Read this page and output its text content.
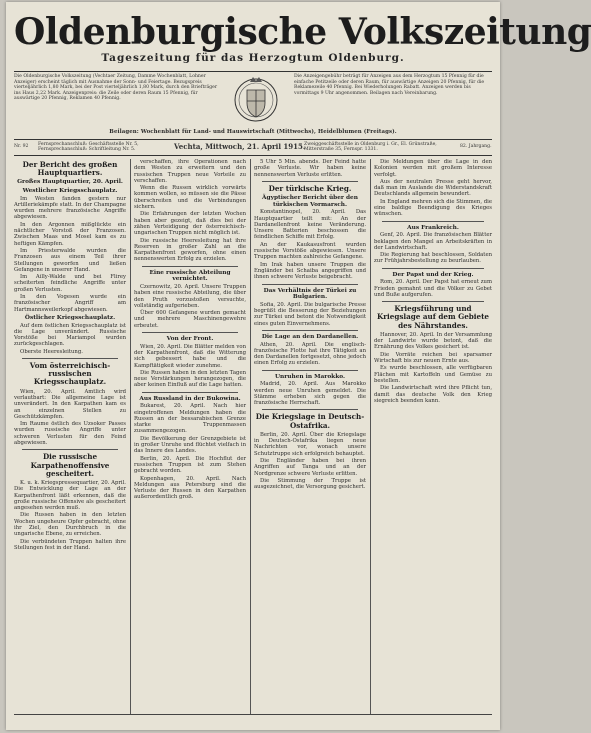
Oldenburgische Volkszeitung
Tageszeitung für das Herzogtum Oldenburg.
Die Oldenburgische Volkszeitung (Vechtaer Zeitung, Damme Wochenblatt, Lohner Anzeiger) erscheint täglich mit Ausnahme der Sonn- und Feiertage. Bezugspreis vierteljährlich 1,80 Mark, bei der Post vierteljährlich 1,80 Mark, durch den Briefträger ins Haus 2,22 Mark. Anzeigenpreis: die Zeile oder deren Raum 15 Pfennig, für auswärtige 20 Pfennig, Reklamen 40 Pfennig.
Die Anzeigengebühr beträgt für Anzeigen aus dem Herzogtum 15 Pfennig für die einfache Petitzeile oder deren Raum, für auswärtige Anzeigen 20 Pfennig, für die Reklamezeile 40 Pfennig. Bei Wiederholungen Rabatt. Anzeigen werden bis vormittags 9 Uhr angenommen. Beilagen nach Vereinbarung.
Beilagen: Wochenblatt für Land- und Hauswirtschaft (Mittwochs), Heidelblumen (Freitags).
Nr. 92 Fernsprechanschluß: Geschäftsstelle Nr. 5, Fernsprechanschluß: Schriftleitung Nr. 5.	Vechta, Mittwoch, 21. April 1915.
Zweiggeschäftsstelle in Oldenburg i. Gr., El. Grünstraße, Mitterstraße 35, Fernspr. 1331.
82. Jahrgang.
Der Bericht des großen Hauptquartiers.
Großes Hauptquartier, 20. April.
Westlicher Kriegsschauplatz.

Im Westen fanden gestern nur Artilleriekämpfe statt. In der Champagne wurden mehrere französische Angriffe abgewiesen.

In den Argonnen mißglückte ein nächtlicher Vorstoß der Franzosen. Zwischen Maas und Mosel kam es zu heftigen Kämpfen.

Im Priesterwalde wurden die Franzosen aus einem Teil ihrer Stellungen geworfen und ließen Gefangene in unserer Hand.

Im Ailly-Walde und bei Flirey scheiterten feindliche Angriffe unter großen Verlusten.

In den Vogesen wurde ein französischer Angriff am Hartmannsweilerkopf abgewiesen.

Östlicher Kriegsschauplatz.

Auf dem östlichen Kriegsschauplatz ist die Lage unverändert. Russische Vorstöße bei Mariampol wurden zurückgeschlagen.

Oberste Heeresleitung.

Vom österreichisch-russischen Kriegsschauplatz.

Wien, 20. April. Amtlich wird verlautbart: Die allgemeine Lage ist unverändert. In den Karpathen kam es an einzelnen Stellen zu Geschützkämpfen.

Im Raume östlich des Uzsoker Passes wurden russische Angriffe unter schweren Verlusten für den Feind abgewiesen.

Die russische Karpathenoffensive gescheitert.

K. u. k. Kriegspressequartier, 20. April. Die Entwicklung der Lage an der Karpathenfront läßt erkennen, daß die große russische Offensive als gescheitert angesehen werden muß.

Die Russen haben in den letzten Wochen ungeheure Opfer gebracht, ohne ihr Ziel, den Durchbruch in die ungarische Ebene, zu erreichen.

Die verbündeten Truppen halten ihre Stellungen fest in der Hand.

verschaffen, ihre Operationen nach dem Westen zu erweitern und den russischen Truppen neue Vorteile zu verschaffen.

Wenn die Russen wirklich vorwärts kommen wollen, so müssen sie die Pässe überschreiten und die Verbindungen sichern.

Die Erfahrungen der letzten Wochen haben aber gezeigt, daß dies bei der zähen Verteidigung der österreichisch-ungarischen Truppen nicht möglich ist.

Die russische Heeresleitung hat ihre Reserven in großer Zahl an die Karpathenfront geworfen, ohne einen nennenswerten Erfolg zu erzielen.

Eine russische Abteilung vernichtet.

Czernowitz, 20. April. Unsere Truppen haben eine russische Abteilung, die über den Pruth vorzustoßen versuchte, vollständig aufgerieben.

Über 600 Gefangene wurden gemacht und mehrere Maschinengewehre erbeutet.

Von der Front.

Wien, 20. April. Die Blätter melden von der Karpathenfront, daß die Witterung sich gebessert habe und die Kampftätigkeit wieder zunehme.

Die Russen haben in den letzten Tagen neue Verstärkungen herangezogen, die aber keinen Einfluß auf die Lage hatten.

Aus Russland in der Bukowina.

Bukarest, 20. April. Nach hier eingetroffenen Meldungen haben die Russen an der bessarabischen Grenze starke Truppenmassen zusammengezogen.

Die Bevölkerung der Grenzgebiete ist in großer Unruhe und flüchtet vielfach in das Innere des Landes.

Berlin, 20. April. Die Hochflut der russischen Truppen ist zum Stehen gebracht worden.

Kopenhagen, 20. April. Nach Meldungen aus Petersburg sind die Verluste der Russen in den Karpathen außerordentlich groß.

5 Uhr 5 Min. abends. Der Feind hatte große Verluste. Wir haben keine nennenswerten Verluste erlitten.

Der türkische Krieg.
Ägyptischer Bericht über den türkischen Vormarsch.

Konstantinopel, 20. April. Das Hauptquartier teilt mit: An der Dardanellenfront keine Veränderung. Unsere Batterien beschossen die feindlichen Schiffe mit Erfolg.

An der Kaukasusfront wurden russische Vorstöße abgewiesen. Unsere Truppen machten zahlreiche Gefangene.

Im Irak haben unsere Truppen die Engländer bei Schaiba angegriffen und ihnen schwere Verluste beigebracht.

Das Verhältnis der Türkei zu Bulgarien.

Sofia, 20. April. Die bulgarische Presse begrüßt die Besserung der Beziehungen zur Türkei und betont die Notwendigkeit eines guten Einvernehmens.

Die Lage an den Dardanellen.

Athen, 20. April. Die englisch-französische Flotte hat ihre Tätigkeit an den Dardanellen fortgesetzt, ohne jedoch einen Erfolg zu erzielen.

Unruhen in Marokko.

Madrid, 20. April. Aus Marokko werden neue Unruhen gemeldet. Die Stämme erheben sich gegen die französische Herrschaft.

Die Kriegslage in Deutsch-Ostafrika.

Berlin, 20. April. Über die Kriegslage in Deutsch-Ostafrika liegen neue Nachrichten vor, wonach unsere Schutztruppe sich erfolgreich behauptet.

Die Engländer haben bei ihren Angriffen auf Tanga und an der Nordgrenze schwere Verluste erlitten.

Die Stimmung der Truppe ist ausgezeichnet, die Versorgung gesichert.

Die Meldungen über die Lage in den Kolonien werden mit großem Interesse verfolgt.

Aus der neutralen Presse geht hervor, daß man im Auslande die Widerstandskraft Deutschlands allgemein bewundert.

In England mehren sich die Stimmen, die eine baldige Beendigung des Krieges wünschen.

Aus Frankreich.

Genf, 20. April. Die französischen Blätter beklagen den Mangel an Arbeitskräften in der Landwirtschaft.

Die Regierung hat beschlossen, Soldaten zur Frühjahrsbestellung zu beurlauben.

Der Papst und der Krieg.

Rom, 20. April. Der Papst hat erneut zum Frieden gemahnt und die Völker zu Gebet und Buße aufgerufen.

Kriegsführung und Kriegslage auf dem Gebiete des Nährstandes.

Hannover, 20. April. In der Versammlung der Landwirte wurde betont, daß die Ernährung des Volkes gesichert ist.

Die Vorräte reichen bei sparsamer Wirtschaft bis zur neuen Ernte aus.

Es wurde beschlossen, alle verfügbaren Flächen mit Kartoffeln und Gemüse zu bestellen.

Die Landwirtschaft wird ihre Pflicht tun, damit das deutsche Volk den Krieg siegreich beenden kann.
